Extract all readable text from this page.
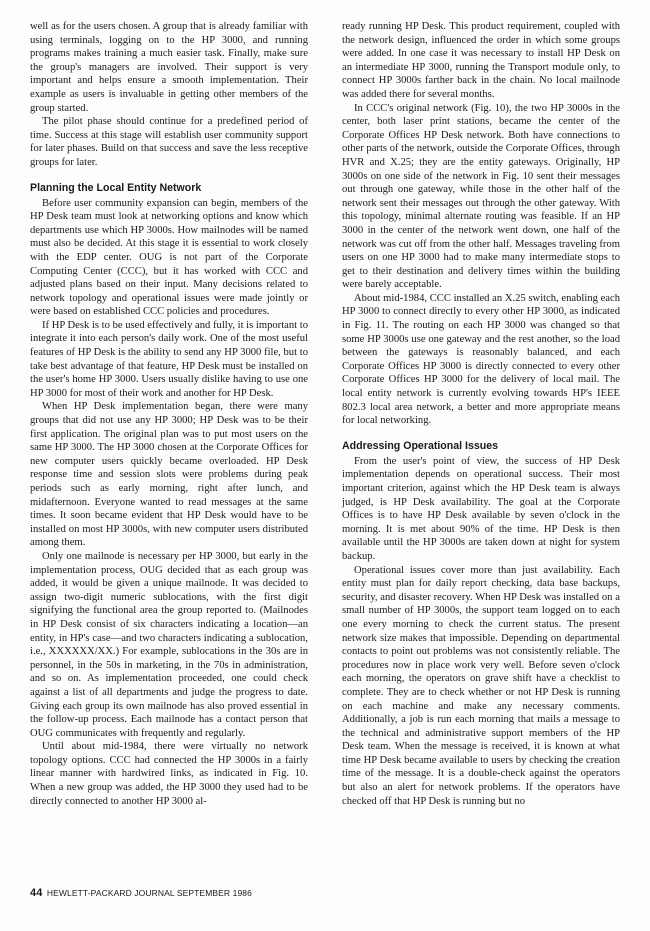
well as for the users chosen. A group that is already familiar with using terminals, logging on to the HP 3000, and running programs makes training a much easier task. Finally, make sure the group's managers are involved. Their support is very important and helps ensure a smooth implementation. Their example as users is invaluable in getting other members of the group started.

The pilot phase should continue for a predefined period of time. Success at this stage will establish user community support for later phases. Build on that success and save the less receptive groups for later.

Planning the Local Entity Network

Before user community expansion can begin, members of the HP Desk team must look at networking options and know which departments use which HP 3000s. How mailnodes will be named must also be decided. At this stage it is essential to work closely with the EDP center. OUG is not part of the Corporate Computing Center (CCC), but it has worked with CCC and adjusted plans based on their input. Many decisions related to network topology and operational issues were made jointly or were based on established CCC policies and procedures.

If HP Desk is to be used effectively and fully, it is important to integrate it into each person's daily work. One of the most useful features of HP Desk is the ability to send any HP 3000 file, but to take best advantage of that feature, HP Desk must be installed on the user's home HP 3000. Users usually dislike having to use one HP 3000 for most of their work and another for HP Desk.

When HP Desk implementation began, there were many groups that did not use any HP 3000; HP Desk was to be their first application. The original plan was to put most users on the same HP 3000. The HP 3000 chosen at the Corporate Offices for new computer users quickly became overloaded. HP Desk response time and session slots were problems during peak periods such as early morning, right after lunch, and midafternoon. Everyone wanted to read messages at the same times. It soon became evident that HP Desk would have to be installed on most HP 3000s, with new computer users distributed among them.

Only one mailnode is necessary per HP 3000, but early in the implementation process, OUG decided that as each group was added, it would be given a unique mailnode. It was decided to assign two-digit numeric sublocations, with the first digit signifying the functional area the group reported to. (Mailnodes in HP Desk consist of six characters indicating a location—an entity, in HP's case—and two characters indicating a sublocation, i.e., XXXXXX/XX.) For example, sublocations in the 30s are in personnel, in the 50s in marketing, in the 70s in administration, and so on. As implementation proceeded, one could check against a list of all departments and judge the progress to date. Giving each group its own mailnode has also proved essential in the follow-up process. Each mailnode has a contact person that OUG communicates with frequently and regularly.

Until about mid-1984, there were virtually no network topology options. CCC had connected the HP 3000s in a fairly linear manner with hardwired links, as indicated in Fig. 10. When a new group was added, the HP 3000 they used had to be directly connected to another HP 3000 al-

ready running HP Desk. This product requirement, coupled with the network design, influenced the order in which some groups were added. In one case it was necessary to install HP Desk on an intermediate HP 3000, running the Transport module only, to connect HP 3000s farther back in the chain. No local mailnode was added there for several months.

In CCC's original network (Fig. 10), the two HP 3000s in the center, both laser print stations, became the center of the Corporate Offices HP Desk network. Both have connections to other parts of the network, outside the Corporate Offices, through HVR and X.25; they are the entity gateways. Originally, HP 3000s on one side of the network in Fig. 10 sent their messages out through one gateway, while those in the other half of the network sent their messages out through the other gateway. With this topology, minimal alternate routing was feasible. If an HP 3000 in the center of the network went down, one half of the network was cut off from the other half. Messages traveling from users on one HP 3000 had to make many intermediate stops to get to their destination and delivery times within the building were barely acceptable.

About mid-1984, CCC installed an X.25 switch, enabling each HP 3000 to connect directly to every other HP 3000, as indicated in Fig. 11. The routing on each HP 3000 was changed so that some HP 3000s use one gateway and the rest another, so the load between the gateways is reasonably balanced, and each Corporate Offices HP 3000 is directly connected to every other Corporate Offices HP 3000 for the delivery of local mail. The local entity network is currently evolving towards HP's IEEE 802.3 local area network, a better and more appropriate means for local networking.

Addressing Operational Issues

From the user's point of view, the success of HP Desk implementation depends on operational success. Their most important criterion, against which the HP Desk team is always judged, is HP Desk availability. The goal at the Corporate Offices is to have HP Desk available by seven o'clock in the morning. It is met about 90% of the time. HP Desk is then available until the HP 3000s are taken down at night for system backup.

Operational issues cover more than just availability. Each entity must plan for daily report checking, data base backups, security, and disaster recovery. When HP Desk was installed on a small number of HP 3000s, the support team logged on to each one every morning to check the current status. The present network size makes that impossible. Depending on departmental contacts to point out problems was not consistently reliable. The procedures now in place work very well. Before seven o'clock each morning, the operators on grave shift have a checklist to complete. They are to check whether or not HP Desk is running on each machine and make any necessary comments. Additionally, a job is run each morning that mails a message to the technical and administrative support members of the HP Desk team. When the message is received, it is known at what time HP Desk became available to users by checking the creation time of the message. It is a double-check against the operators but also an alert for network problems. If the operators have checked off that HP Desk is running but no

44 HEWLETT-PACKARD JOURNAL SEPTEMBER 1986
